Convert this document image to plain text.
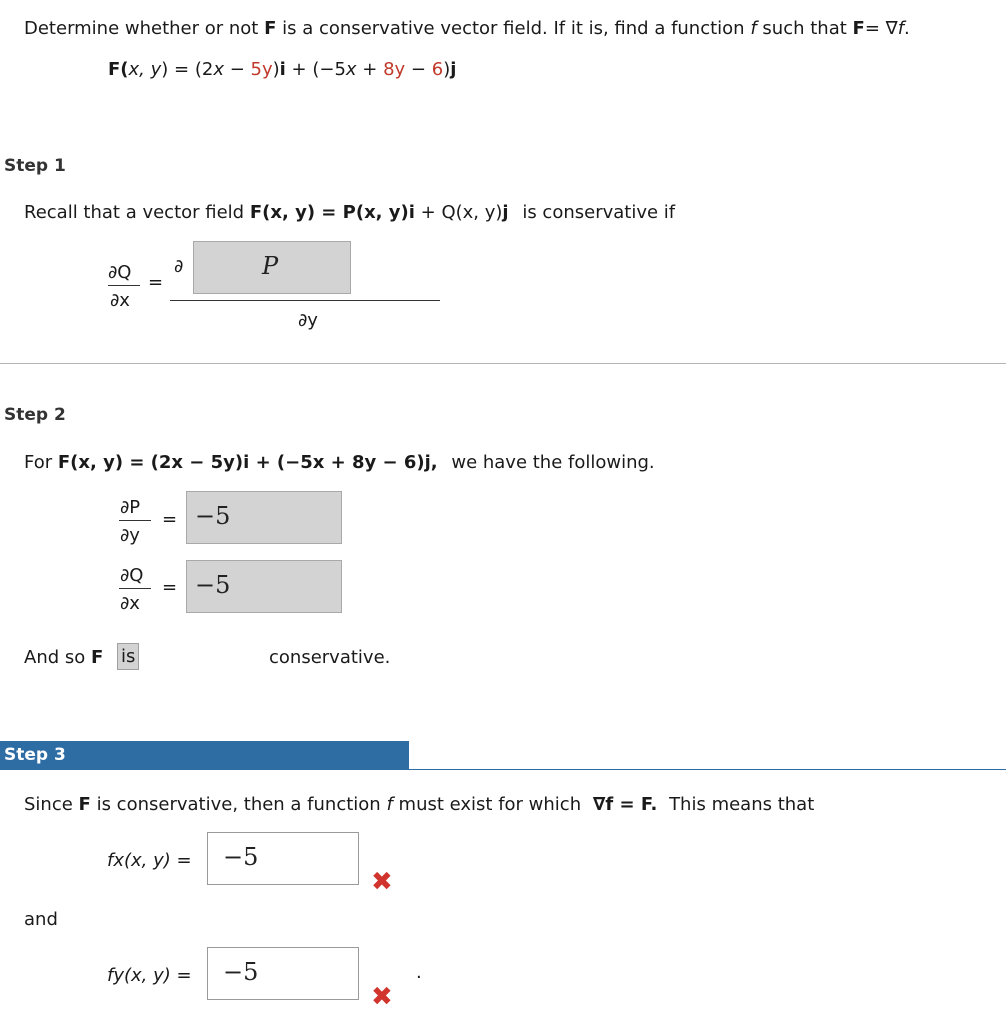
Determine whether or not F is a conservative vector field. If it is, find a function f such that F= ∇f.
F(x, y) = (2x − 5y)i + (−5x + 8y − 6)j
Step 1
Recall that a vector field F(x, y) = P(x, y)i + Q(x, y)j is conservative if
∂Q
∂x
=
∂	P
∂y
Step 2
For F(x, y) = (2x − 5y)i + (−5x + 8y − 6)j, we have the following.
∂P
∂y
= −5
∂Q
∂x
= −5
And so F is	conservative.
Step 3
Since F is conservative, then a function f must exist for which ∇f = F. This means that
fx(x, y) = −5
✖
and
fy(x, y) = −5
✖
.
